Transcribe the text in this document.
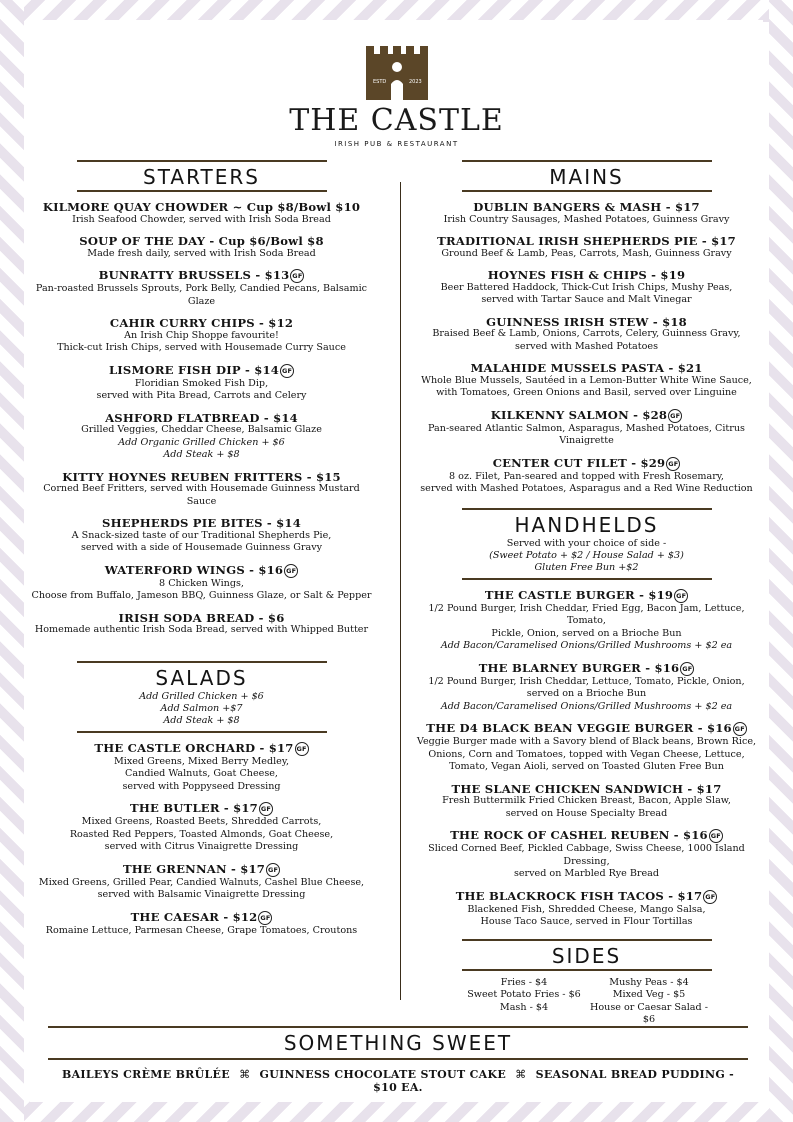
ESTD	2023
THE CASTLE
IRISH PUB & RESTAURANT
STARTERS
KILMORE QUAY CHOWDER ~ Cup $8/Bowl $10
Irish Seafood Chowder, served with Irish Soda Bread
SOUP OF THE DAY - Cup $6/Bowl $8
Made fresh daily, served with Irish Soda Bread
BUNRATTY BRUSSELS - $13 GF
Pan-roasted Brussels Sprouts, Pork Belly, Candied Pecans, Balsamic Glaze
CAHIR CURRY CHIPS - $12
An Irish Chip Shoppe favourite!
Thick-cut Irish Chips, served with Housemade Curry Sauce
LISMORE FISH DIP - $14 GF
Floridian Smoked Fish Dip,
served with Pita Bread, Carrots and Celery
ASHFORD FLATBREAD - $14
Grilled Veggies, Cheddar Cheese, Balsamic Glaze
Add Organic Grilled Chicken + $6
Add Steak + $8
KITTY HOYNES REUBEN FRITTERS - $15
Corned Beef Fritters, served with Housemade Guinness Mustard Sauce
SHEPHERDS PIE BITES - $14
A Snack-sized taste of our Traditional Shepherds Pie,
served with a side of Housemade Guinness Gravy
WATERFORD WINGS - $16 GF
8 Chicken Wings,
Choose from Buffalo, Jameson BBQ, Guinness Glaze, or Salt & Pepper
IRISH SODA BREAD - $6
Homemade authentic Irish Soda Bread, served with Whipped Butter
SALADS
Add Grilled Chicken + $6
Add Salmon +$7
Add Steak + $8
THE CASTLE ORCHARD - $17 GF
Mixed Greens, Mixed Berry Medley,
Candied Walnuts, Goat Cheese,
served with Poppyseed Dressing
THE BUTLER - $17 GF
Mixed Greens, Roasted Beets, Shredded Carrots,
Roasted Red Peppers, Toasted Almonds, Goat Cheese,
served with Citrus Vinaigrette Dressing
THE GRENNAN - $17 GF
Mixed Greens, Grilled Pear, Candied Walnuts, Cashel Blue Cheese,
served with Balsamic Vinaigrette Dressing
THE CAESAR - $12 GF
Romaine Lettuce, Parmesan Cheese, Grape Tomatoes, Croutons
MAINS
DUBLIN BANGERS & MASH - $17
Irish Country Sausages, Mashed Potatoes, Guinness Gravy
TRADITIONAL IRISH SHEPHERDS PIE - $17
Ground Beef & Lamb, Peas, Carrots, Mash, Guinness Gravy
HOYNES FISH & CHIPS - $19
Beer Battered Haddock, Thick-Cut Irish Chips, Mushy Peas,
served with Tartar Sauce and Malt Vinegar
GUINNESS IRISH STEW - $18
Braised Beef & Lamb, Onions, Carrots, Celery, Guinness Gravy,
served with Mashed Potatoes
MALAHIDE MUSSELS PASTA - $21
Whole Blue Mussels, Sautéed in a Lemon-Butter White Wine Sauce,
with Tomatoes, Green Onions and Basil, served over Linguine
KILKENNY SALMON - $28 GF
Pan-seared Atlantic Salmon, Asparagus, Mashed Potatoes, Citrus Vinaigrette
CENTER CUT FILET - $29 GF
8 oz. Filet, Pan-seared and topped with Fresh Rosemary,
served with Mashed Potatoes, Asparagus and a Red Wine Reduction
HANDHELDS
Served with your choice of side -
(Sweet Potato + $2 / House Salad + $3)
Gluten Free Bun +$2
THE CASTLE BURGER - $19 GF
1/2 Pound Burger, Irish Cheddar, Fried Egg, Bacon Jam, Lettuce, Tomato,
Pickle, Onion, served on a Brioche Bun
Add Bacon/Caramelised Onions/Grilled Mushrooms + $2 ea
THE BLARNEY BURGER - $16 GF
1/2 Pound Burger, Irish Cheddar, Lettuce, Tomato, Pickle, Onion,
served on a Brioche Bun
Add Bacon/Caramelised Onions/Grilled Mushrooms + $2 ea
THE D4 BLACK BEAN VEGGIE BURGER - $16 GF
Veggie Burger made with a Savory blend of Black beans, Brown Rice,
Onions, Corn and Tomatoes, topped with Vegan Cheese, Lettuce,
Tomato, Vegan Aioli, served on Toasted Gluten Free Bun
THE SLANE CHICKEN SANDWICH - $17
Fresh Buttermilk Fried Chicken Breast, Bacon, Apple Slaw,
served on House Specialty Bread
THE ROCK OF CASHEL REUBEN - $16 GF
Sliced Corned Beef, Pickled Cabbage, Swiss Cheese, 1000 Island Dressing,
served on Marbled Rye Bread
THE BLACKROCK FISH TACOS - $17 GF
Blackened Fish, Shredded Cheese, Mango Salsa,
House Taco Sauce, served in Flour Tortillas
SIDES
Fries - $4	Mushy Peas - $4
Sweet Potato Fries - $6	Mixed Veg - $5
Mash - $4	House or Caesar Salad - $6
SOMETHING SWEET
BAILEYS CRÈME BRÛLÉE ⌘ GUINNESS CHOCOLATE STOUT CAKE ⌘ SEASONAL BREAD PUDDING - $10 EA.
